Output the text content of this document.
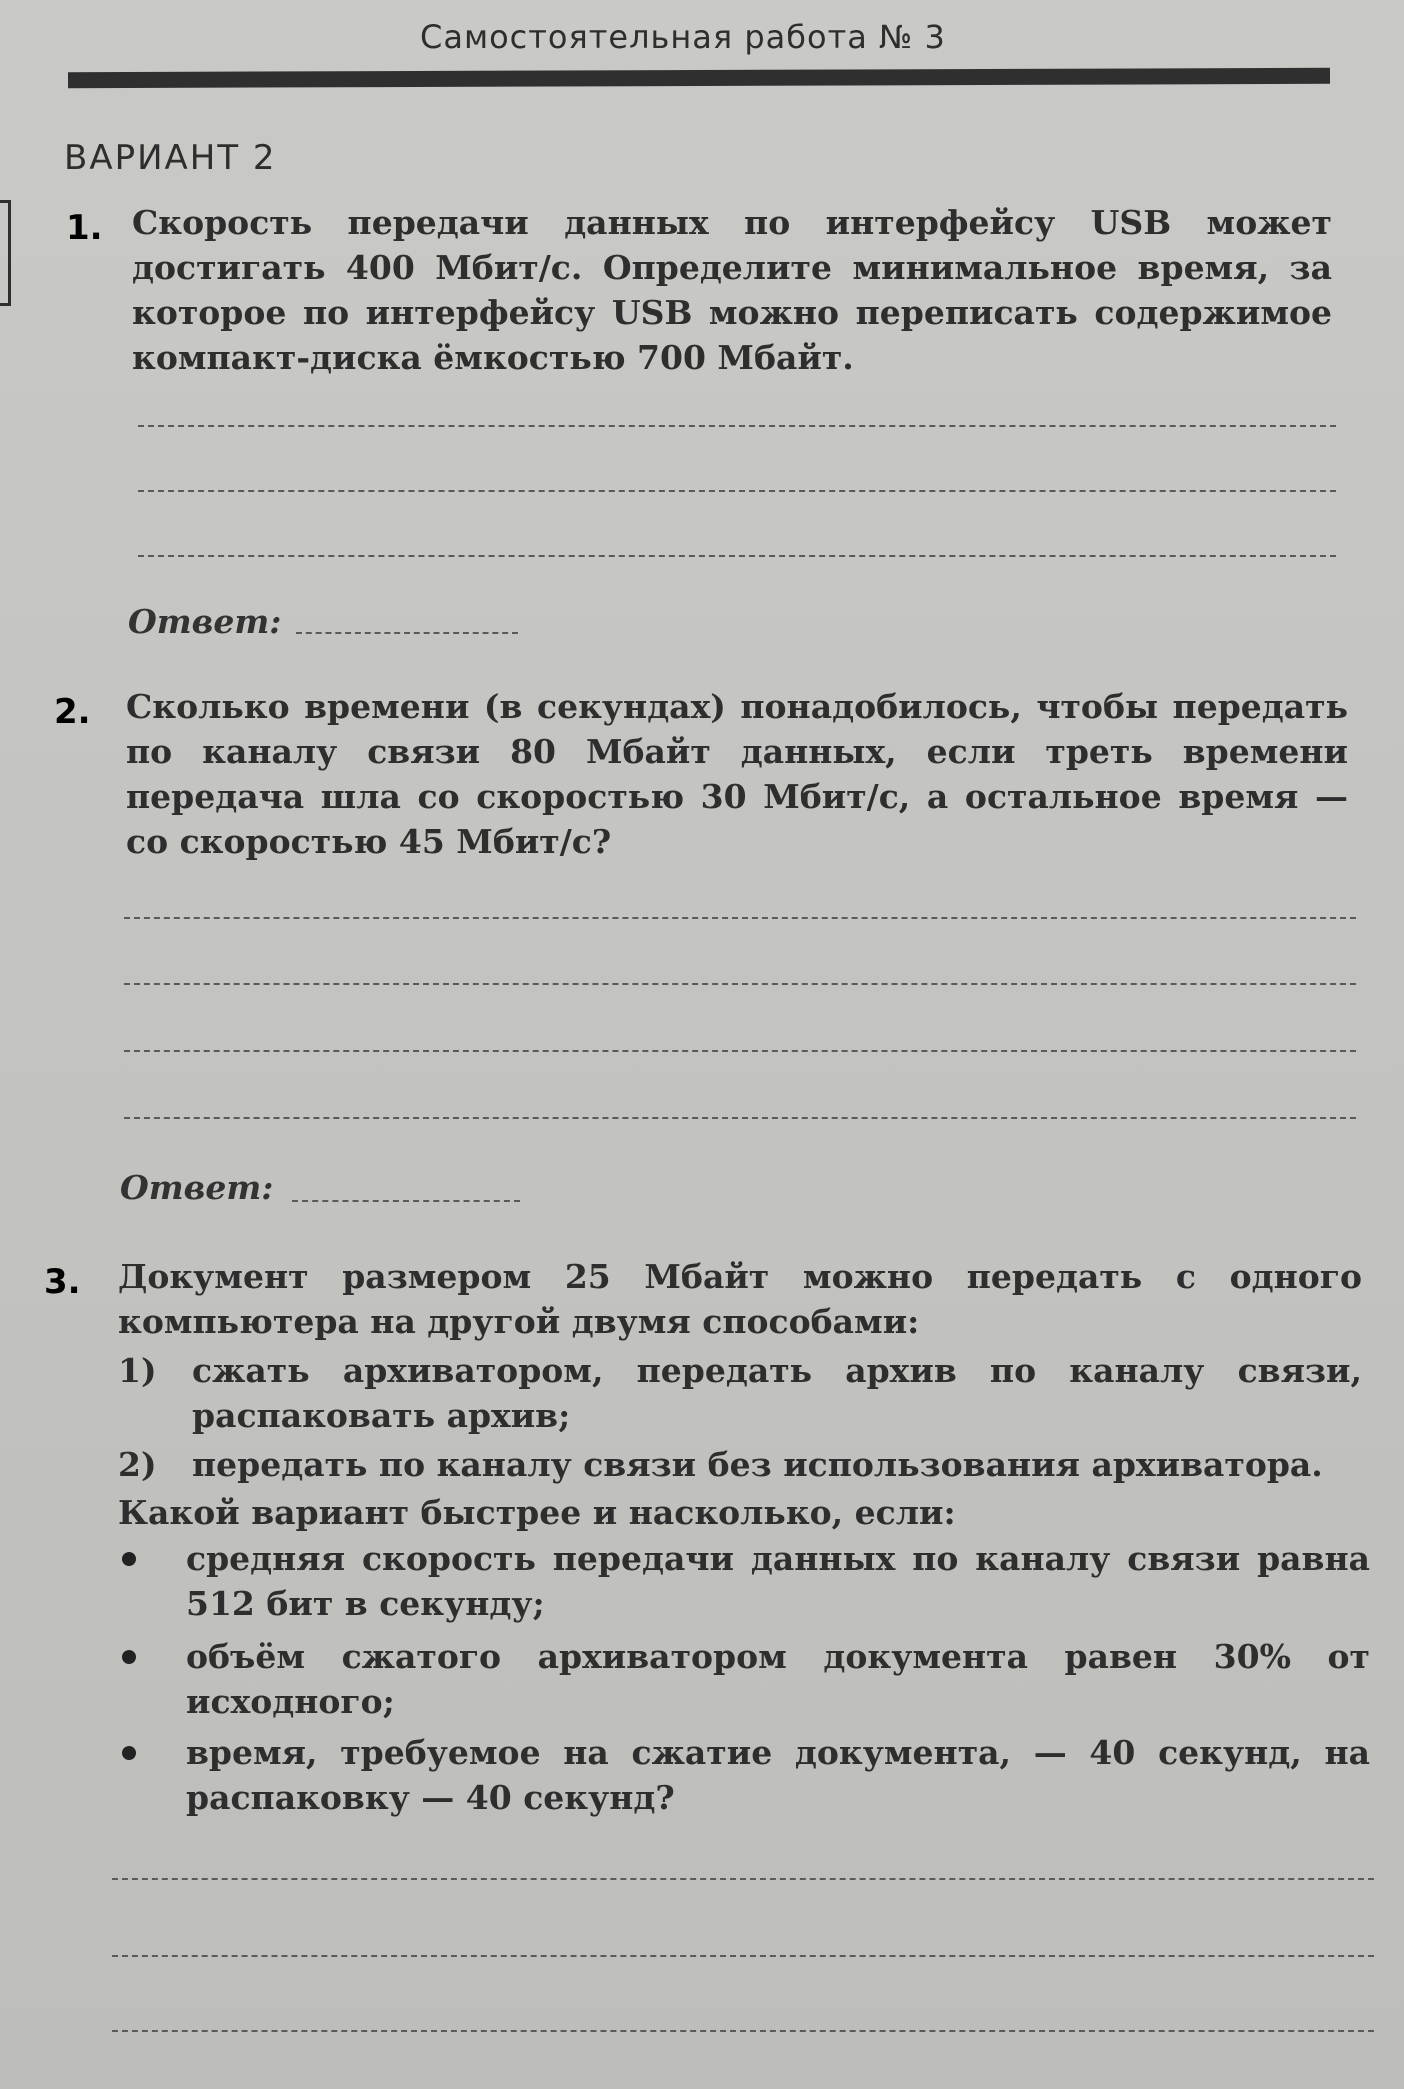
Самостоятельная работа № 3
ВАРИАНТ 2
1. Скорость передачи данных по интерфейсу USB может достигать 400 Мбит/с. Определите минимальное время, за которое по интерфейсу USB можно переписать содержимое компакт-диска ёмкостью 700 Мбайт.
Ответ:
2. Сколько времени (в секундах) понадобилось, чтобы передать по каналу связи 80 Мбайт данных, если треть времени передача шла со скоростью 30 Мбит/с, а остальное время — со скоростью 45 Мбит/с?
Ответ:
3. Документ размером 25 Мбайт можно передать с одного компьютера на другой двумя способами:
1) сжать архиватором, передать архив по каналу связи, распаковать архив;
2) передать по каналу связи без использования архиватора.
Какой вариант быстрее и насколько, если:
средняя скорость передачи данных по каналу связи равна 512 бит в секунду;
объём сжатого архиватором документа равен 30% от исходного;
время, требуемое на сжатие документа, — 40 секунд, на распаковку — 40 секунд?
